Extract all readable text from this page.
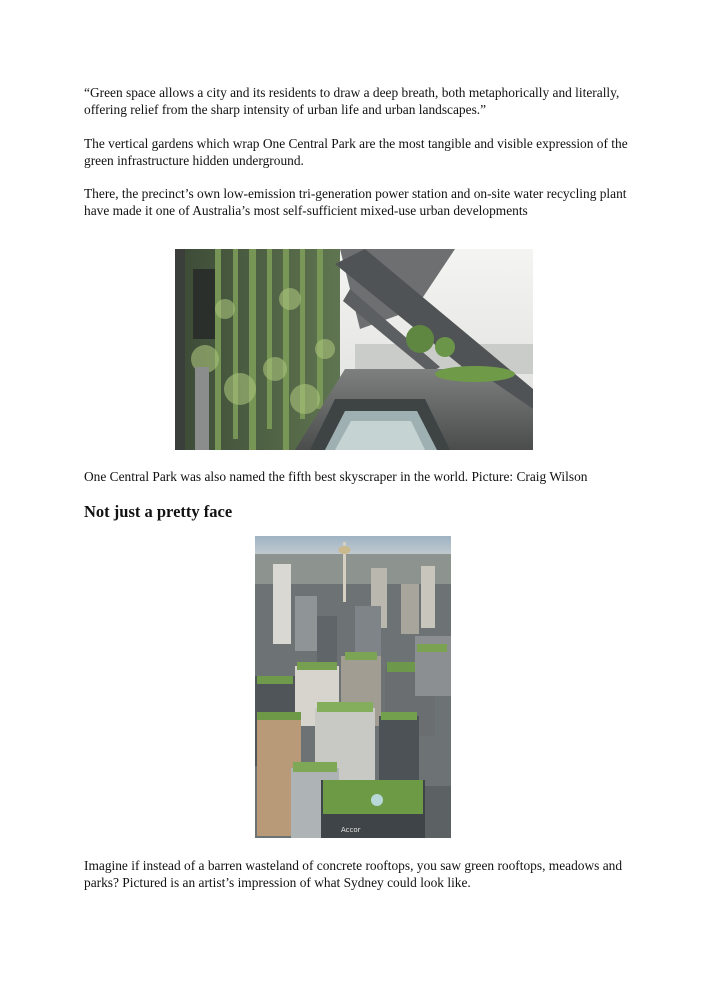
“Green space allows a city and its residents to draw a deep breath, both metaphorically and literally, offering relief from the sharp intensity of urban life and urban landscapes.”

The vertical gardens which wrap One Central Park are the most tangible and visible expression of the green infrastructure hidden underground.

There, the precinct’s own low-emission tri-generation power station and on-site water recycling plant have made it one of Australia’s most self-sufficient mixed-use urban developments

One Central Park was also named the fifth best skyscraper in the world. Picture: Craig Wilson

Not just a pretty face
Accor

Imagine if instead of a barren wasteland of concrete rooftops, you saw green rooftops, meadows and parks? Pictured is an artist’s impression of what Sydney could look like.
